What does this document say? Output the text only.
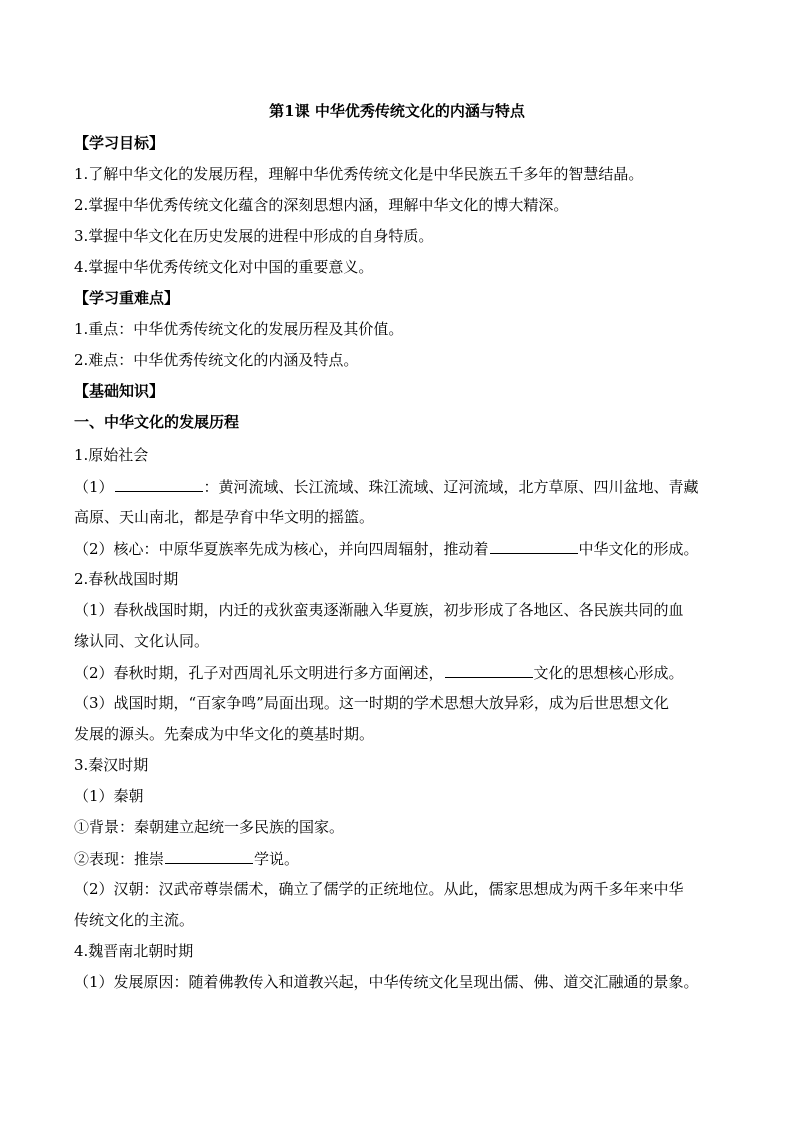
第1课 中华优秀传统文化的内涵与特点
【学习目标】
1.了解中华文化的发展历程，理解中华优秀传统文化是中华民族五千多年的智慧结晶。
2.掌握中华优秀传统文化蕴含的深刻思想内涵，理解中华文化的博大精深。
3.掌握中华文化在历史发展的进程中形成的自身特质。
4.掌握中华优秀传统文化对中国的重要意义。
【学习重难点】
1.重点：中华优秀传统文化的发展历程及其价值。
2.难点：中华优秀传统文化的内涵及特点。
【基础知识】
一、中华文化的发展历程
1.原始社会
（1）	：黄河流域、长江流域、珠江流域、辽河流域，北方草原、四川盆地、青藏
高原、天山南北，都是孕育中华文明的摇篮。
（2）核心：中原华夏族率先成为核心，并向四周辐射，推动着	中华文化的形成。
2.春秋战国时期
（1）春秋战国时期，内迁的戎狄蛮夷逐渐融入华夏族，初步形成了各地区、各民族共同的血
缘认同、文化认同。
（2）春秋时期，孔子对西周礼乐文明进行多方面阐述，	文化的思想核心形成。
（3）战国时期，“百家争鸣”局面出现。这一时期的学术思想大放异彩，成为后世思想文化
发展的源头。先秦成为中华文化的奠基时期。
3.秦汉时期
（1）秦朝
①背景：秦朝建立起统一多民族的国家。
②表现：推崇	学说。
（2）汉朝：汉武帝尊崇儒术，确立了儒学的正统地位。从此，儒家思想成为两千多年来中华
传统文化的主流。
4.魏晋南北朝时期
（1）发展原因：随着佛教传入和道教兴起，中华传统文化呈现出儒、佛、道交汇融通的景象。
